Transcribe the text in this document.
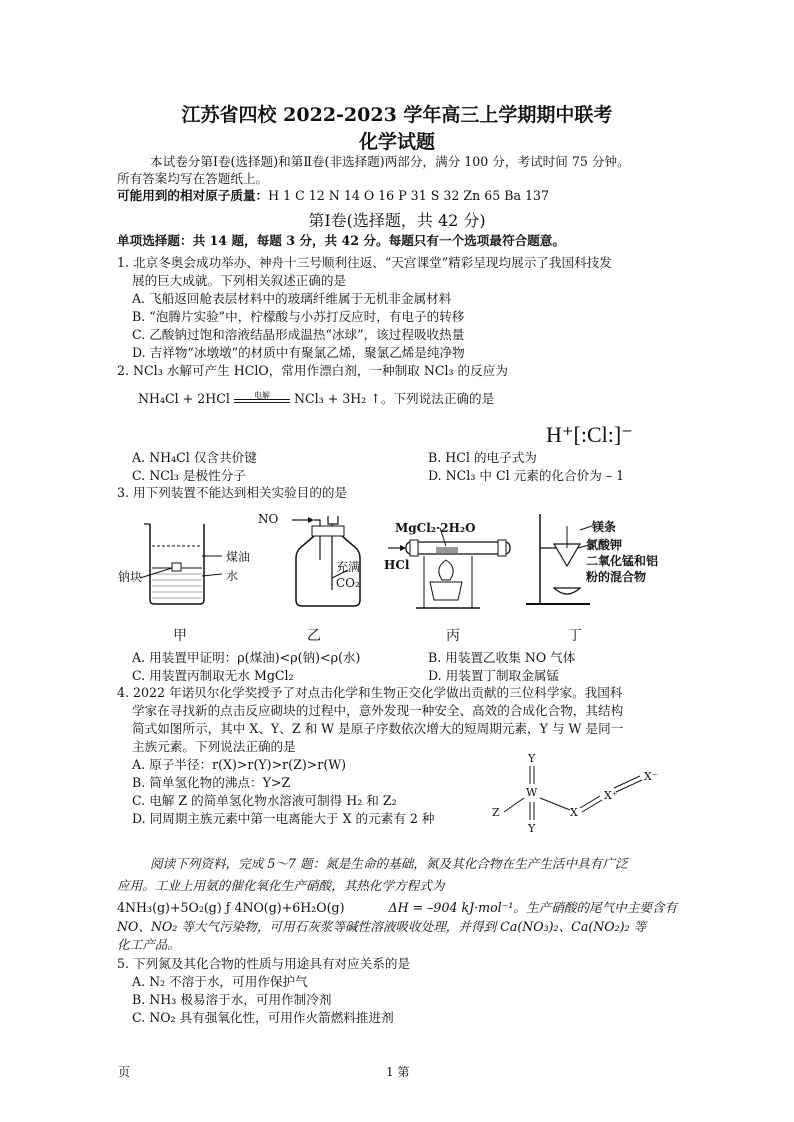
江苏省四校 2022-2023 学年高三上学期期中联考
化学试题
本试卷分第Ⅰ卷(选择题)和第Ⅱ卷(非选择题)两部分，满分 100 分，考试时间 75 分钟。
所有答案均写在答题纸上。
可能用到的相对原子质量：H 1 C 12 N 14 O 16 P 31 S 32 Zn 65 Ba 137
第Ⅰ卷(选择题，共 42 分)
单项选择题：共 14 题，每题 3 分，共 42 分。每题只有一个选项最符合题意。
1. 北京冬奥会成功举办、神舟十三号顺利往返、“天宫课堂”精彩呈现均展示了我国科技发
展的巨大成就。下列相关叙述正确的是
A. 飞船返回舱表层材料中的玻璃纤维属于无机非金属材料
B. “泡腾片实验”中，柠檬酸与小苏打反应时，有电子的转移
C. 乙酸钠过饱和溶液结晶形成温热“冰球”，该过程吸收热量
D. 吉祥物“冰墩墩”的材质中有聚氯乙烯，聚氯乙烯是纯净物
2. NCl₃ 水解可产生 HClO，常用作漂白剂，一种制取 NCl₃ 的反应为
NH₄Cl + 2HCl	电解	NCl₃ + 3H₂ ↑。下列说法正确的是
H⁺[:Cl:]⁻
A. NH₄Cl 仅含共价键	B. HCl 的电子式为
C. NCl₃ 是极性分子	D. NCl₃ 中 Cl 元素的化合价为 – 1
3. 用下列装置不能达到相关实验目的的是
钠块
煤油
水
NO
充满
CO₂
MgCl₂·2H₂O
HCl
镁条
氯酸钾
二氧化锰和铝
粉的混合物
甲	乙	丙	丁
A. 用装置甲证明：ρ(煤油)<ρ(钠)<ρ(水)	B. 用装置乙收集 NO 气体
C. 用装置丙制取无水 MgCl₂	D. 用装置丁制取金属锰
4. 2022 年诺贝尔化学奖授予了对点击化学和生物正交化学做出贡献的三位科学家。我国科
学家在寻找新的点击反应砌块的过程中，意外发现一种安全、高效的合成化合物，其结构
简式如图所示，其中 X、Y、Z 和 W 是原子序数依次增大的短周期元素，Y 与 W 是同一
主族元素。下列说法正确的是
A. 原子半径：r(X)>r(Y)>r(Z)>r(W)
B. 简单氢化物的沸点：Y>Z
C. 电解 Z 的简单氢化物水溶液可制得 H₂ 和 Z₂
D. 同周期主族元素中第一电离能大于 X 的元素有 2 种
Y
W
Y
Z	X
X⁺
X⁻
阅读下列资料，完成 5～7 题：氮是生命的基础，氮及其化合物在生产生活中具有广泛
应用。工业上用氨的催化氧化生产硝酸，其热化学方程式为
4NH₃(g)+5O₂(g) ƒ 4NO(g)+6H₂O(g)	ΔH = –904 kJ·mol⁻¹。生产硝酸的尾气中主要含有
NO、NO₂ 等大气污染物，可用石灰浆等碱性溶液吸收处理，并得到 Ca(NO₃)₂、Ca(NO₂)₂ 等
化工产品。
5. 下列氮及其化合物的性质与用途具有对应关系的是
A. N₂ 不溶于水，可用作保护气
B. NH₃ 极易溶于水，可用作制冷剂
C. NO₂ 具有强氧化性，可用作火箭燃料推进剂
页	1 第
